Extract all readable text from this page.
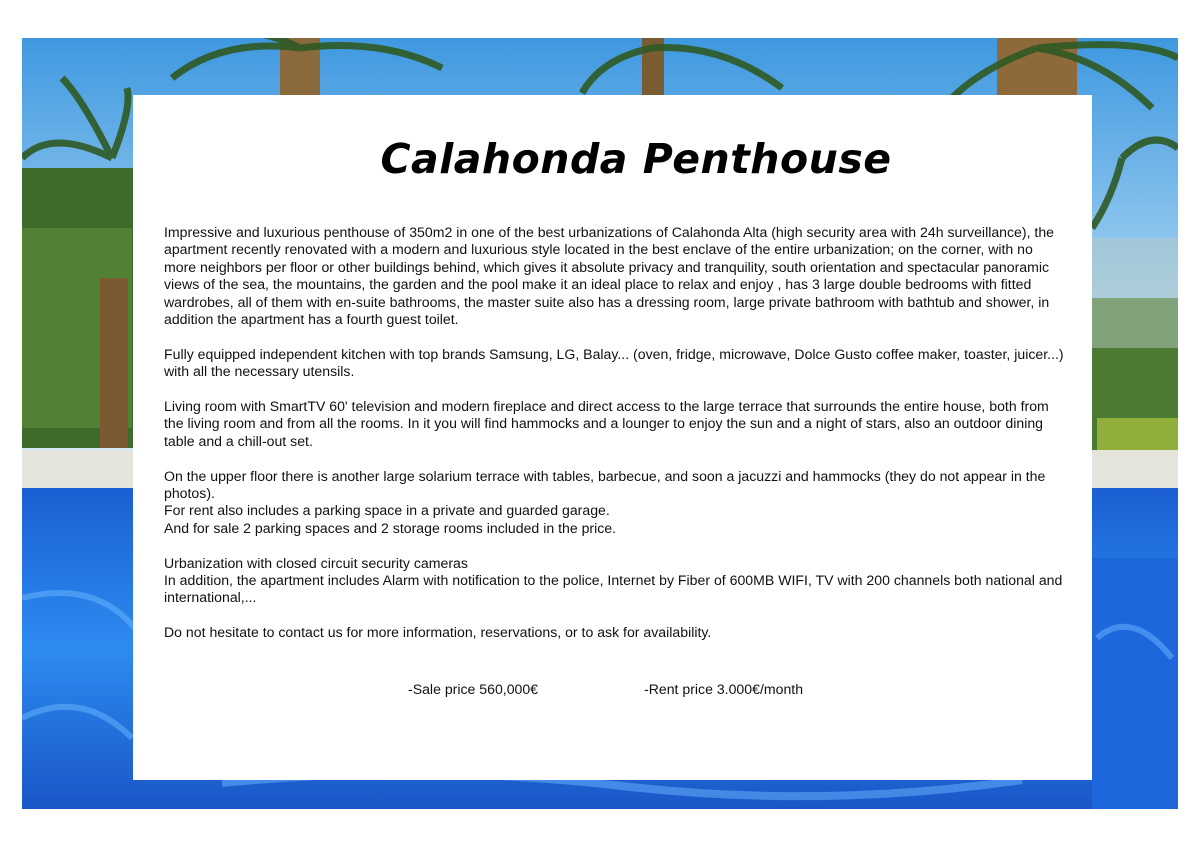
Calahonda Penthouse

Impressive and luxurious penthouse of 350m2 in one of the best urbanizations of Calahonda Alta (high security area with 24h surveillance), the apartment recently renovated with a modern and luxurious style located in the best enclave of the entire urbanization; on the corner, with no more neighbors per floor or other buildings behind, which gives it absolute privacy and tranquility, south orientation and spectacular panoramic views of the sea, the mountains, the garden and the pool make it an ideal place to relax and enjoy , has 3 large double bedrooms with fitted wardrobes, all of them with en-suite bathrooms, the master suite also has a dressing room, large private bathroom with bathtub and shower, in addition the apartment has a fourth guest toilet.

Fully equipped independent kitchen with top brands Samsung, LG, Balay... (oven, fridge, microwave, Dolce Gusto coffee maker, toaster, juicer...) with all the necessary utensils.

Living room with SmartTV 60' television and modern fireplace and direct access to the large terrace that surrounds the entire house, both from the living room and from all the rooms. In it you will find hammocks and a lounger to enjoy the sun and a night of stars, also an outdoor dining table and a chill-out set.

On the upper floor there is another large solarium terrace with tables, barbecue, and soon a jacuzzi and hammocks (they do not appear in the photos).
For rent also includes a parking space in a private and guarded garage.
And for sale 2 parking spaces and 2 storage rooms included in the price.

Urbanization with closed circuit security cameras
In addition, the apartment includes Alarm with notification to the police, Internet by Fiber of 600MB WIFI, TV with 200 channels both national and international,...

Do not hesitate to contact us for more information, reservations, or to ask for availability.

-Sale price 560,000€	-Rent price 3.000€/month
